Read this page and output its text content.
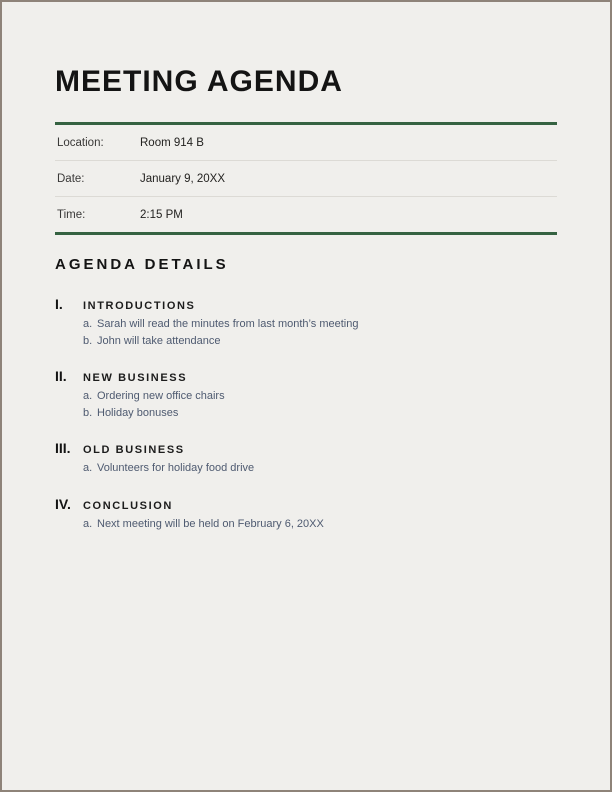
MEETING AGENDA
Location:	Room 914 B
Date:	January 9, 20XX
Time:	2:15 PM
AGENDA DETAILS
I.	INTRODUCTIONS
a. Sarah will read the minutes from last month’s meeting
b. John will take attendance
II.	NEW BUSINESS
a. Ordering new office chairs
b. Holiday bonuses
III.	OLD BUSINESS
a. Volunteers for holiday food drive
IV.	CONCLUSION
a. Next meeting will be held on February 6, 20XX
